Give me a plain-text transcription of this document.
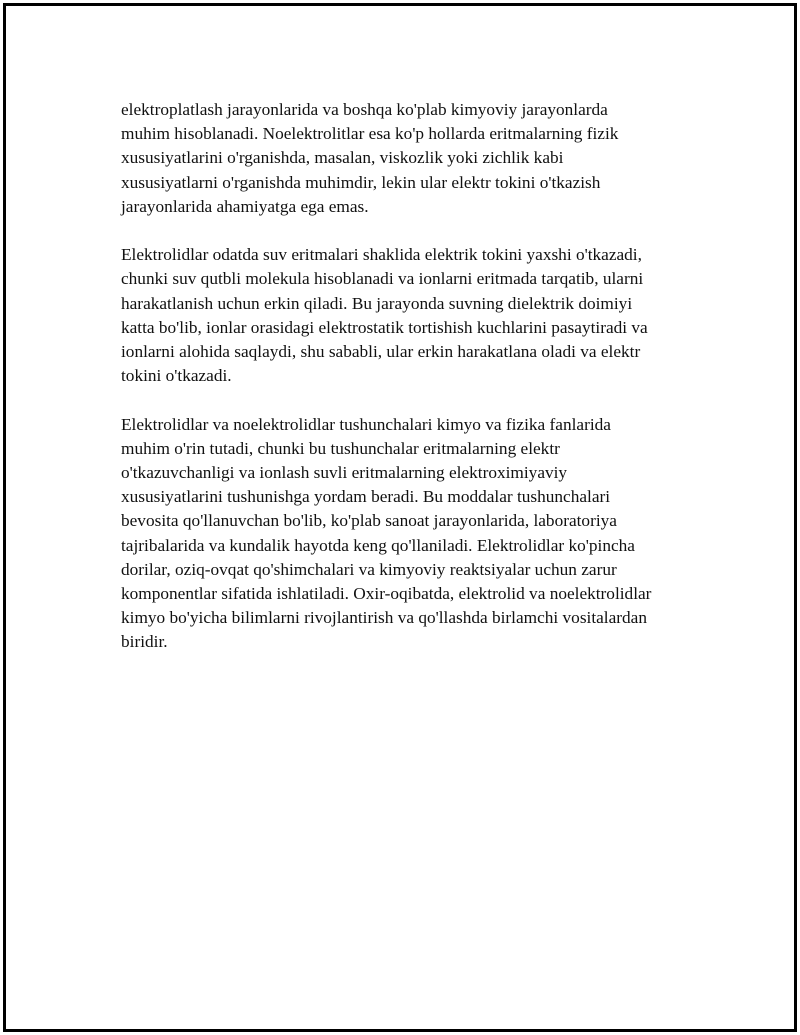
elektroplatlash jarayonlarida va boshqa ko'plab kimyoviy jarayonlarda
muhim hisoblanadi. Noelektrolitlar esa ko'p hollarda eritmalarning fizik
xususiyatlarini o'rganishda, masalan, viskozlik yoki zichlik kabi
xususiyatlarni o'rganishda muhimdir, lekin ular elektr tokini o'tkazish
jarayonlarida ahamiyatga ega emas.

Elektrolidlar odatda suv eritmalari shaklida elektrik tokini yaxshi o'tkazadi,
chunki suv qutbli molekula hisoblanadi va ionlarni eritmada tarqatib, ularni
harakatlanish uchun erkin qiladi. Bu jarayonda suvning dielektrik doimiyi
katta bo'lib, ionlar orasidagi elektrostatik tortishish kuchlarini pasaytiradi va
ionlarni alohida saqlaydi, shu sababli, ular erkin harakatlana oladi va elektr
tokini o'tkazadi.

Elektrolidlar va noelektrolidlar tushunchalari kimyo va fizika fanlarida
muhim o'rin tutadi, chunki bu tushunchalar eritmalarning elektr
o'tkazuvchanligi va ionlash suvli eritmalarning elektroximiyaviy
xususiyatlarini tushunishga yordam beradi. Bu moddalar tushunchalari
bevosita qo'llanuvchan bo'lib, ko'plab sanoat jarayonlarida, laboratoriya
tajribalarida va kundalik hayotda keng qo'llaniladi. Elektrolidlar ko'pincha
dorilar, oziq-ovqat qo'shimchalari va kimyoviy reaktsiyalar uchun zarur
komponentlar sifatida ishlatiladi. Oxir-oqibatda, elektrolid va noelektrolidlar
kimyo bo'yicha bilimlarni rivojlantirish va qo'llashda birlamchi vositalardan
biridir.
